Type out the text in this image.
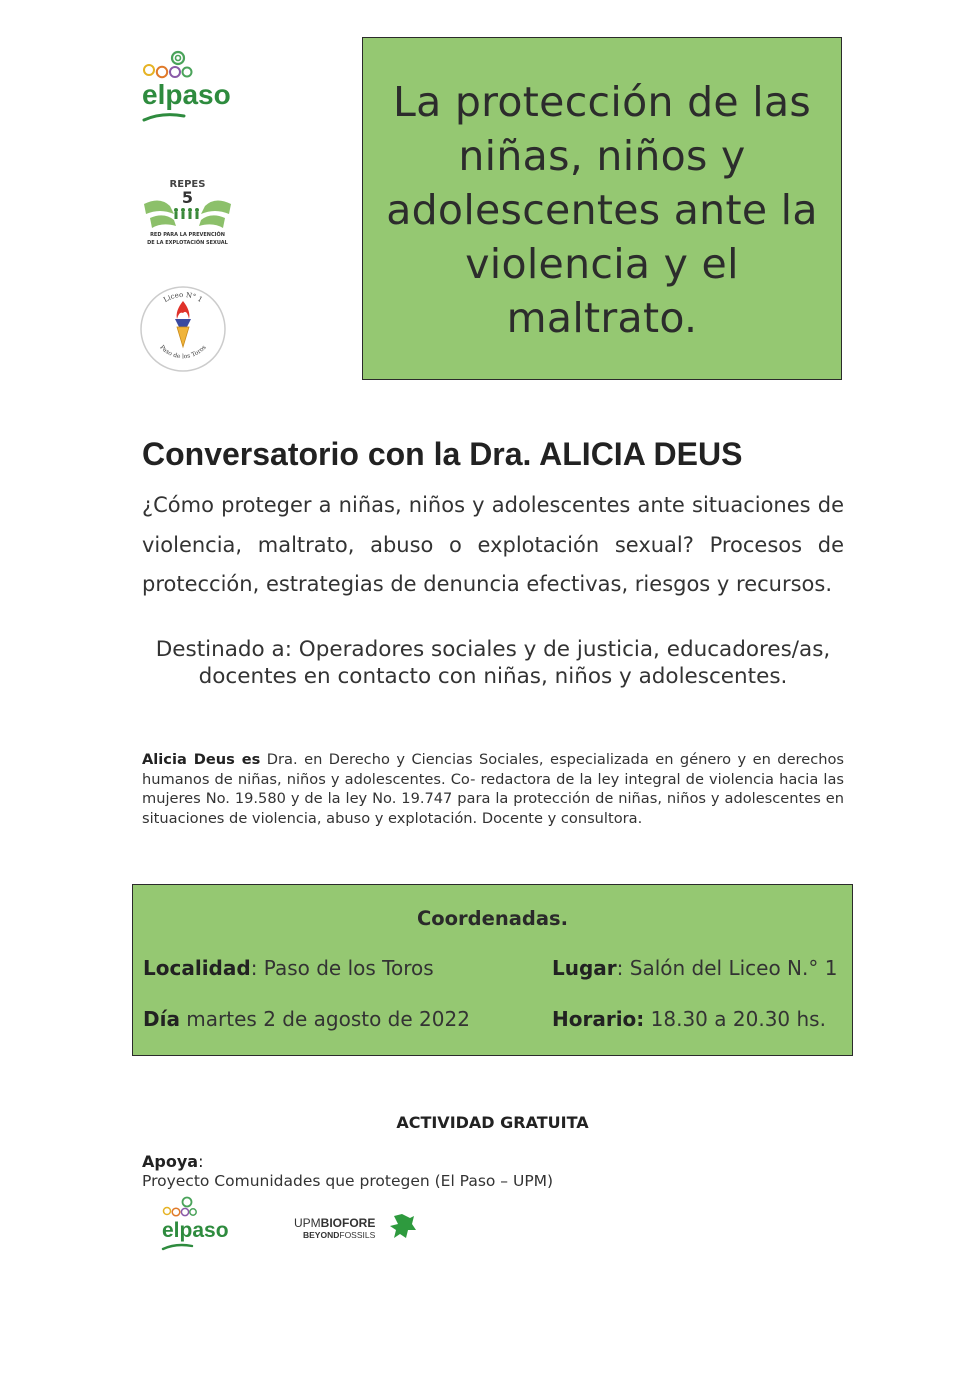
elpaso
REPES
5
RED PARA LA PREVENCIÓN
DE LA EXPLOTACIÓN SEXUAL
Liceo N° 1
Paso de los Toros
La protección de las niñas, niños y adolescentes ante la violencia y el maltrato.
Conversatorio con la Dra. ALICIA DEUS
¿Cómo proteger a niñas, niños y adolescentes ante situaciones de violencia, maltrato, abuso o explotación sexual? Procesos de protección, estrategias de denuncia efectivas, riesgos y recursos.
Destinado a: Operadores sociales y de justicia, educadores/as, docentes en contacto con niñas, niños y adolescentes.
Alicia Deus es Dra. en Derecho y Ciencias Sociales, especializada en género y en derechos humanos de niñas, niños y adolescentes. Co- redactora de la ley integral de violencia hacia las mujeres No. 19.580 y de la ley No. 19.747 para la protección de niñas, niños y adolescentes en situaciones de violencia, abuso y explotación. Docente y consultora.
Coordenadas.
Localidad: Paso de los Toros	Lugar: Salón del Liceo N.° 1
Día martes 2 de agosto de 2022	Horario: 18.30 a 20.30 hs.
ACTIVIDAD GRATUITA
Apoya:
Proyecto Comunidades que protegen (El Paso – UPM)
elpaso	UPMBIOFORE
BEYONDFOSSILS
